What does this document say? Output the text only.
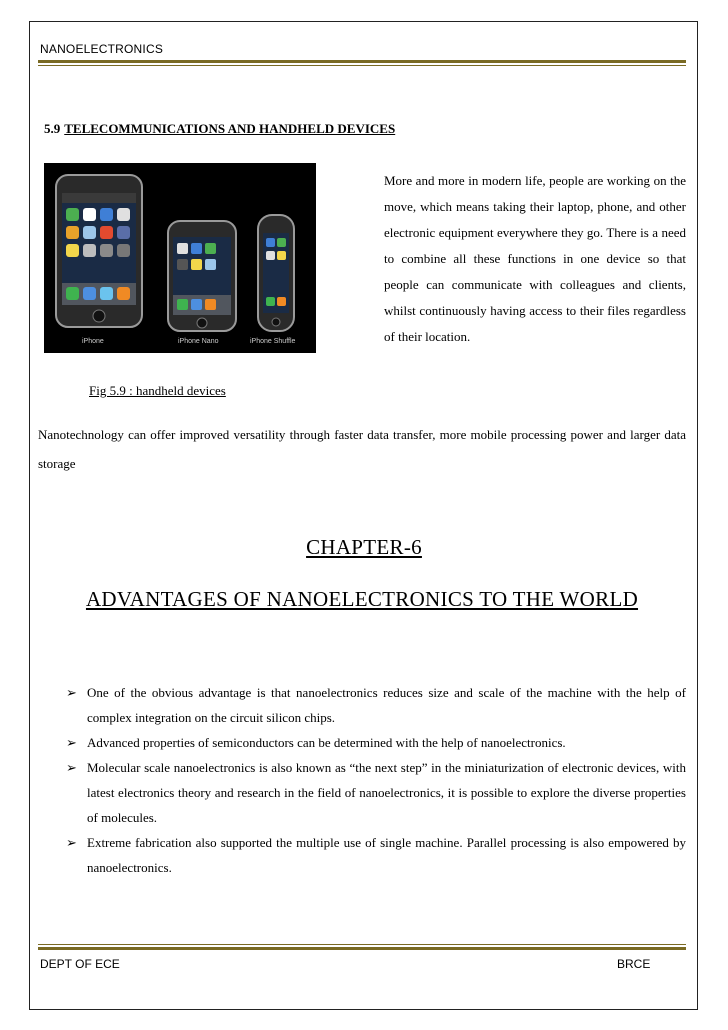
NANOELECTRONICS
5.9 TELECOMMUNICATIONS AND HANDHELD DEVICES
iPhone	iPhone Nano	iPhone Shuffle

More and more in modern life, people are working on the move, which means taking their laptop, phone, and other electronic equipment everywhere they go. There is a need to combine all these functions in one device so that people can communicate with colleagues and clients, whilst continuously having access to their files regardless of their location.

Fig 5.9 : handheld devices

Nanotechnology can offer improved versatility through faster data transfer, more mobile processing power and larger data storage

CHAPTER-6

ADVANTAGES OF NANOELECTRONICS TO THE WORLD

➢ One of the obvious advantage is that nanoelectronics reduces size and scale of the machine with the help of complex integration on the circuit silicon chips.
➢ Advanced properties of semiconductors can be determined with the help of nanoelectronics.
➢ Molecular scale nanoelectronics is also known as “the next step” in the miniaturization of electronic devices, with latest electronics theory and research in the field of nanoelectronics, it is possible to explore the diverse properties of molecules.
➢ Extreme fabrication also supported the multiple use of single machine. Parallel processing is also empowered by nanoelectronics.
DEPT OF ECE	BRCE
